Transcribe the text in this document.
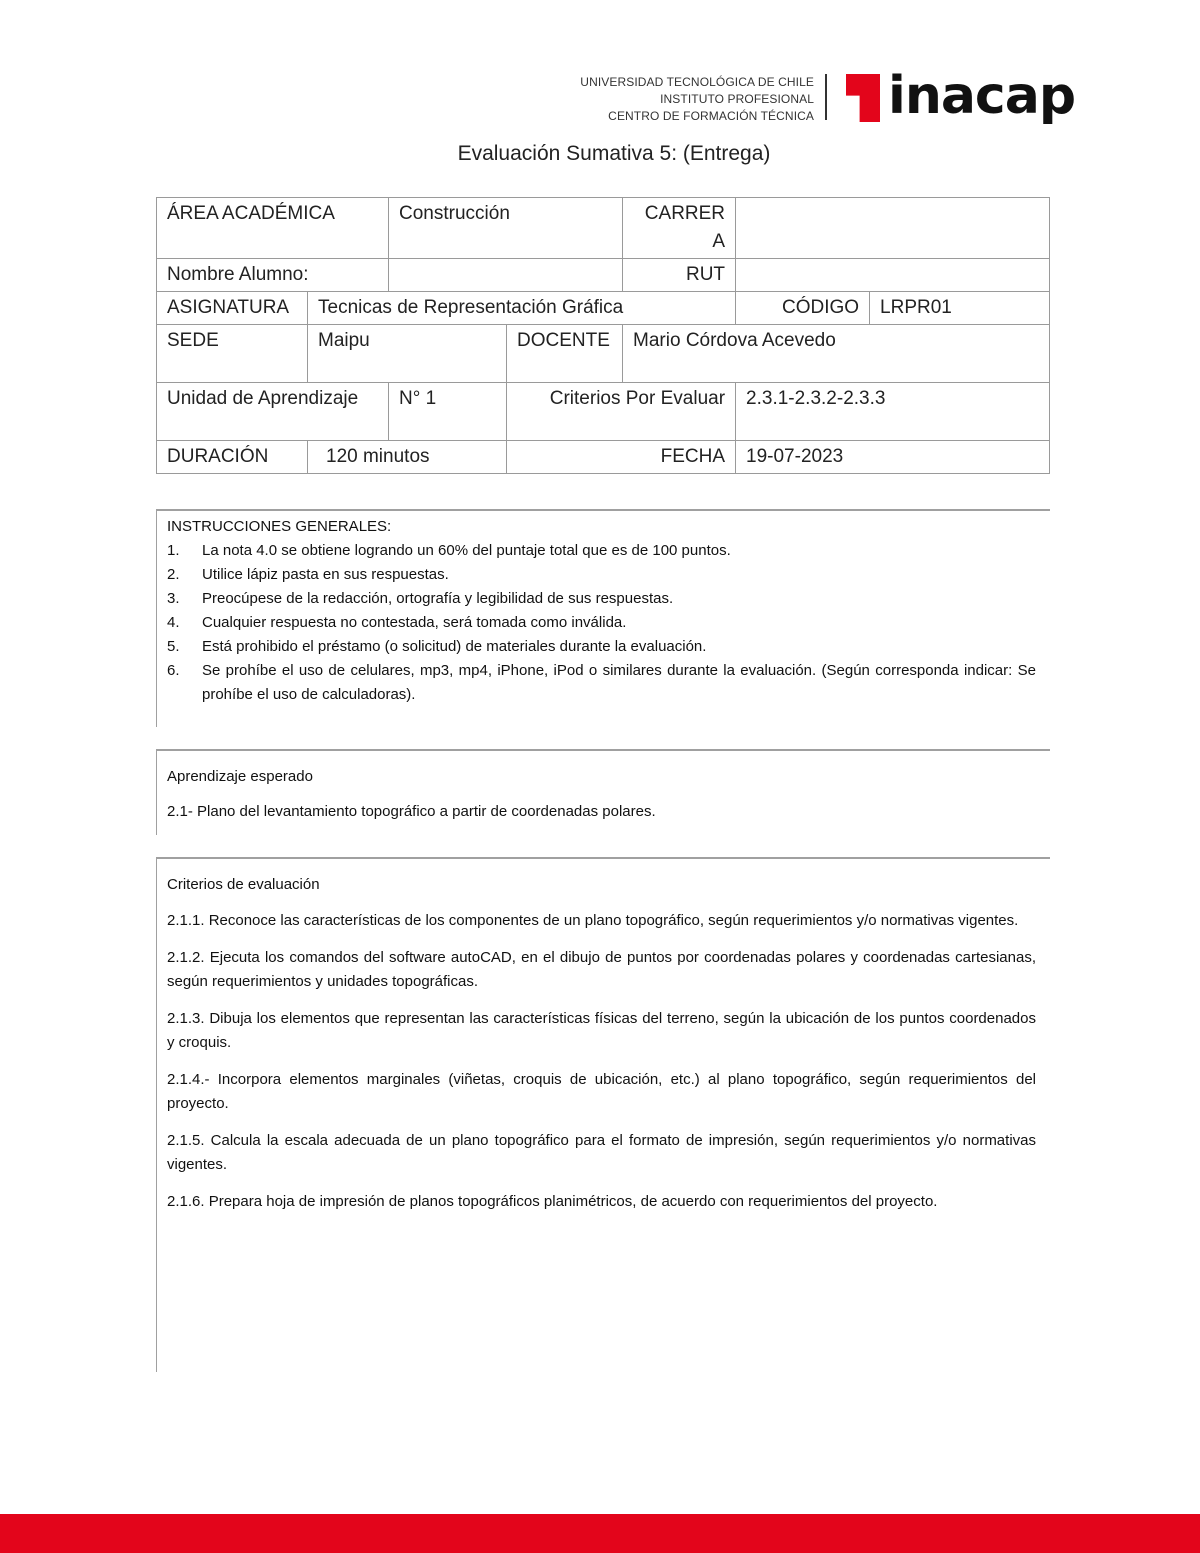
UNIVERSIDAD TECNOLÓGICA DE CHILE
INSTITUTO PROFESIONAL
CENTRO DE FORMACIÓN TÉCNICA inacap
Evaluación Sumativa 5: (Entrega)
ÁREA ACADÉMICA		Construcción		CARRERA		
Nombre Alumno:				RUT		
ASIGNATURA	Tecnicas de Representación Gráfica				CÓDIGO	LRPR01
SEDE	Maipu		DOCENTE	Mario Córdova Acevedo		
Unidad de Aprendizaje		N° 1	Criterios Por Evaluar		2.3.1-2.3.2-2.3.3	
DURACIÓN	120 minutos		FECHA		19-07-2023	
INSTRUCCIONES GENERALES:
1.	La nota 4.0 se obtiene logrando un 60% del puntaje total que es de 100 puntos.
2.	Utilice lápiz pasta en sus respuestas.
3.	Preocúpese de la redacción, ortografía y legibilidad de sus respuestas.
4.	Cualquier respuesta no contestada, será tomada como inválida.
5.	Está prohibido el préstamo (o solicitud) de materiales durante la evaluación.
6.	Se prohíbe el uso de celulares, mp3, mp4, iPhone, iPod o similares durante la evaluación. (Según corresponda indicar: Se prohíbe el uso de calculadoras).
Aprendizaje esperado
2.1- Plano del levantamiento topográfico a partir de coordenadas polares.
Criterios de evaluación
2.1.1. Reconoce las características de los componentes de un plano topográfico, según requerimientos y/o normativas vigentes.
2.1.2. Ejecuta los comandos del software autoCAD, en el dibujo de puntos por coordenadas polares y coordenadas cartesianas, según requerimientos y unidades topográficas.
2.1.3. Dibuja los elementos que representan las características físicas del terreno, según la ubicación de los puntos coordenados y croquis.
2.1.4.- Incorpora elementos marginales (viñetas, croquis de ubicación, etc.) al plano topográfico, según requerimientos del proyecto.
2.1.5. Calcula la escala adecuada de un plano topográfico para el formato de impresión, según requerimientos y/o normativas vigentes.
2.1.6. Prepara hoja de impresión de planos topográficos planimétricos, de acuerdo con requerimientos del proyecto.
